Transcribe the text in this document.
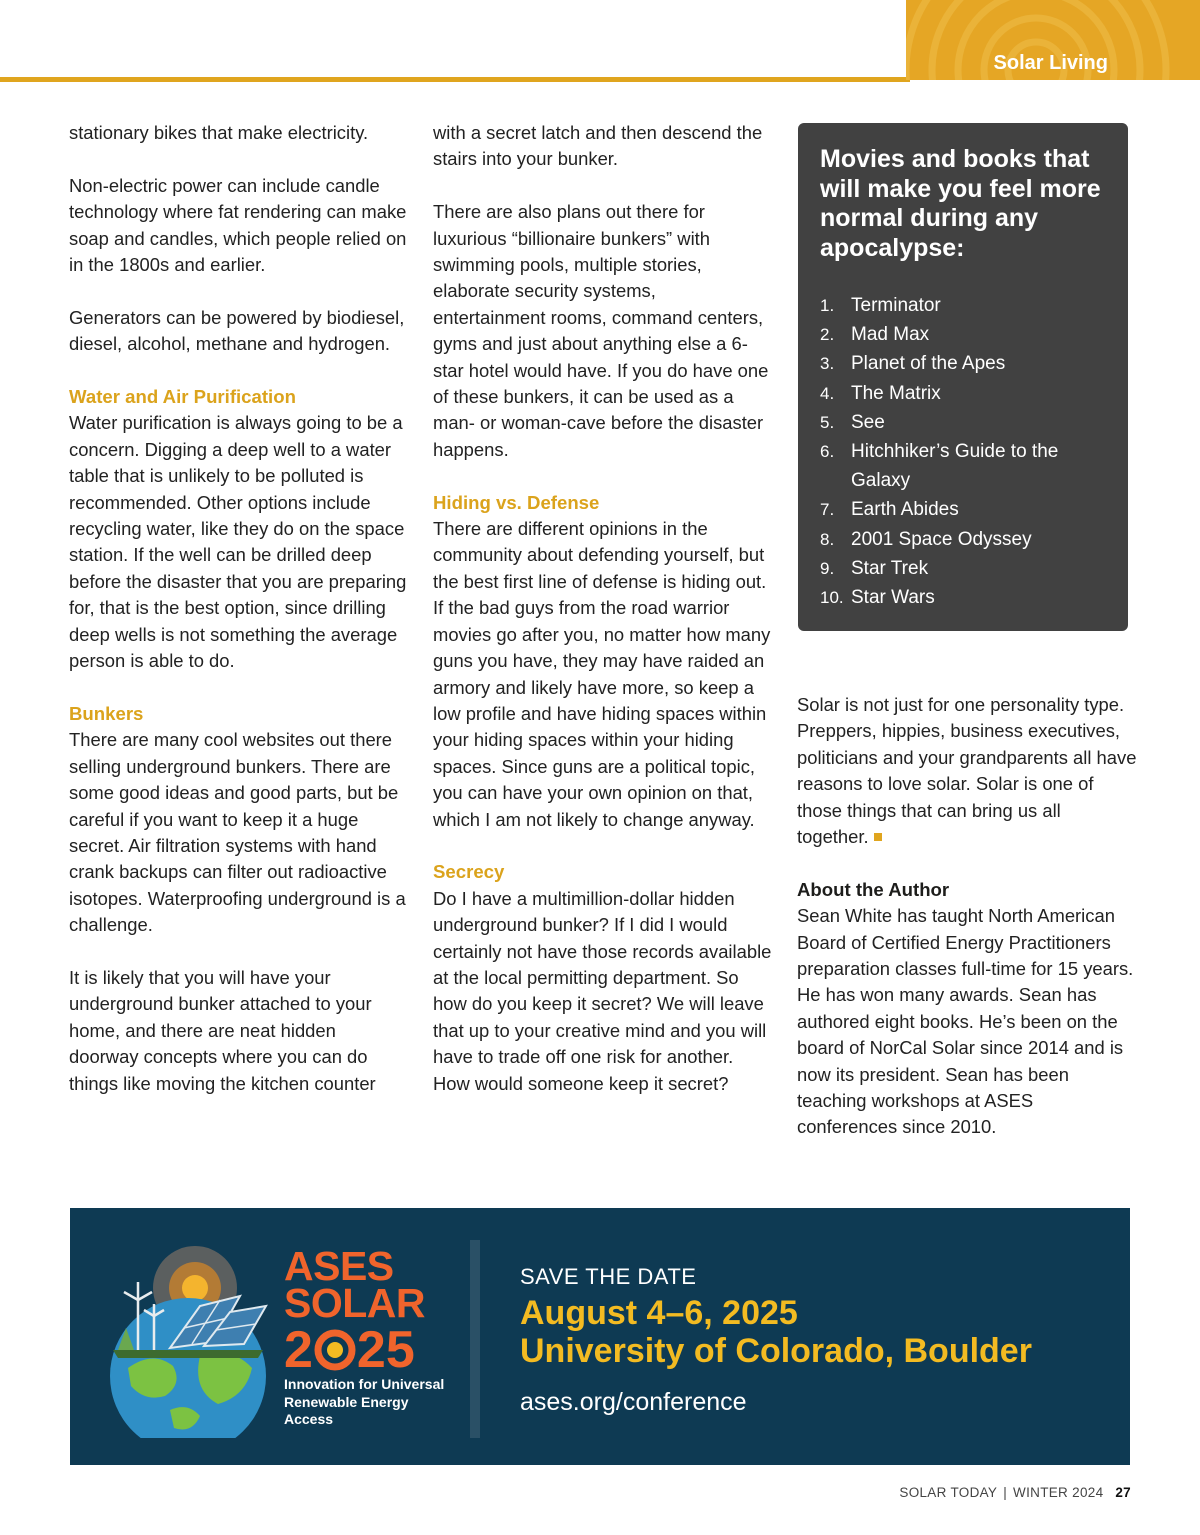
Solar Living

stationary bikes that make electricity.

Non-electric power can include candle technology where fat rendering can make soap and candles, which people relied on in the 1800s and earlier.

Generators can be powered by biodiesel, diesel, alcohol, methane and hydrogen.

Water and Air Purification

Water purification is always going to be a concern. Digging a deep well to a water table that is unlikely to be polluted is recommended. Other options include recycling water, like they do on the space station. If the well can be drilled deep before the disaster that you are preparing for, that is the best option, since drilling deep wells is not something the average person is able to do.

Bunkers

There are many cool websites out there selling underground bunkers. There are some good ideas and good parts, but be careful if you want to keep it a huge secret. Air filtration systems with hand crank backups can filter out radioactive isotopes. Waterproofing underground is a challenge.

It is likely that you will have your underground bunker attached to your home, and there are neat hidden doorway concepts where you can do things like moving the kitchen counter

with a secret latch and then descend the stairs into your bunker.

There are also plans out there for luxurious “billionaire bunkers” with swimming pools, multiple stories, elaborate security systems, entertainment rooms, command centers, gyms and just about anything else a 6-star hotel would have. If you do have one of these bunkers, it can be used as a man- or woman-cave before the disaster happens.

Hiding vs. Defense

There are different opinions in the community about defending yourself, but the best first line of defense is hiding out. If the bad guys from the road warrior movies go after you, no matter how many guns you have, they may have raided an armory and likely have more, so keep a low profile and have hiding spaces within your hiding spaces within your hiding spaces. Since guns are a political topic, you can have your own opinion on that, which I am not likely to change anyway.

Secrecy

Do I have a multimillion-dollar hidden underground bunker? If I did I would certainly not have those records available at the local permitting department. So how do you keep it secret? We will leave that up to your creative mind and you will have to trade off one risk for another. How would someone keep it secret?

Movies and books that will make you feel more normal during any apocalypse:
1. Terminator
2. Mad Max
3. Planet of the Apes
4. The Matrix
5. See
6. Hitchhiker’s Guide to the Galaxy
7. Earth Abides
8. 2001 Space Odyssey
9. Star Trek
10. Star Wars

Solar is not just for one personality type. Preppers, hippies, business executives, politicians and your grandparents all have reasons to love solar. Solar is one of those things that can bring us all together.

About the Author

Sean White has taught North American Board of Certified Energy Practitioners preparation classes full-time for 15 years. He has won many awards. Sean has authored eight books. He’s been on the board of NorCal Solar since 2014 and is now its president. Sean has been teaching workshops at ASES conferences since 2010.

ASES
SOLAR
2 25
Innovation for Universal Renewable Energy Access
SAVE THE DATE
August 4–6, 2025
University of Colorado, Boulder
ases.org/conference
SOLAR TODAY | WINTER 2024 27
